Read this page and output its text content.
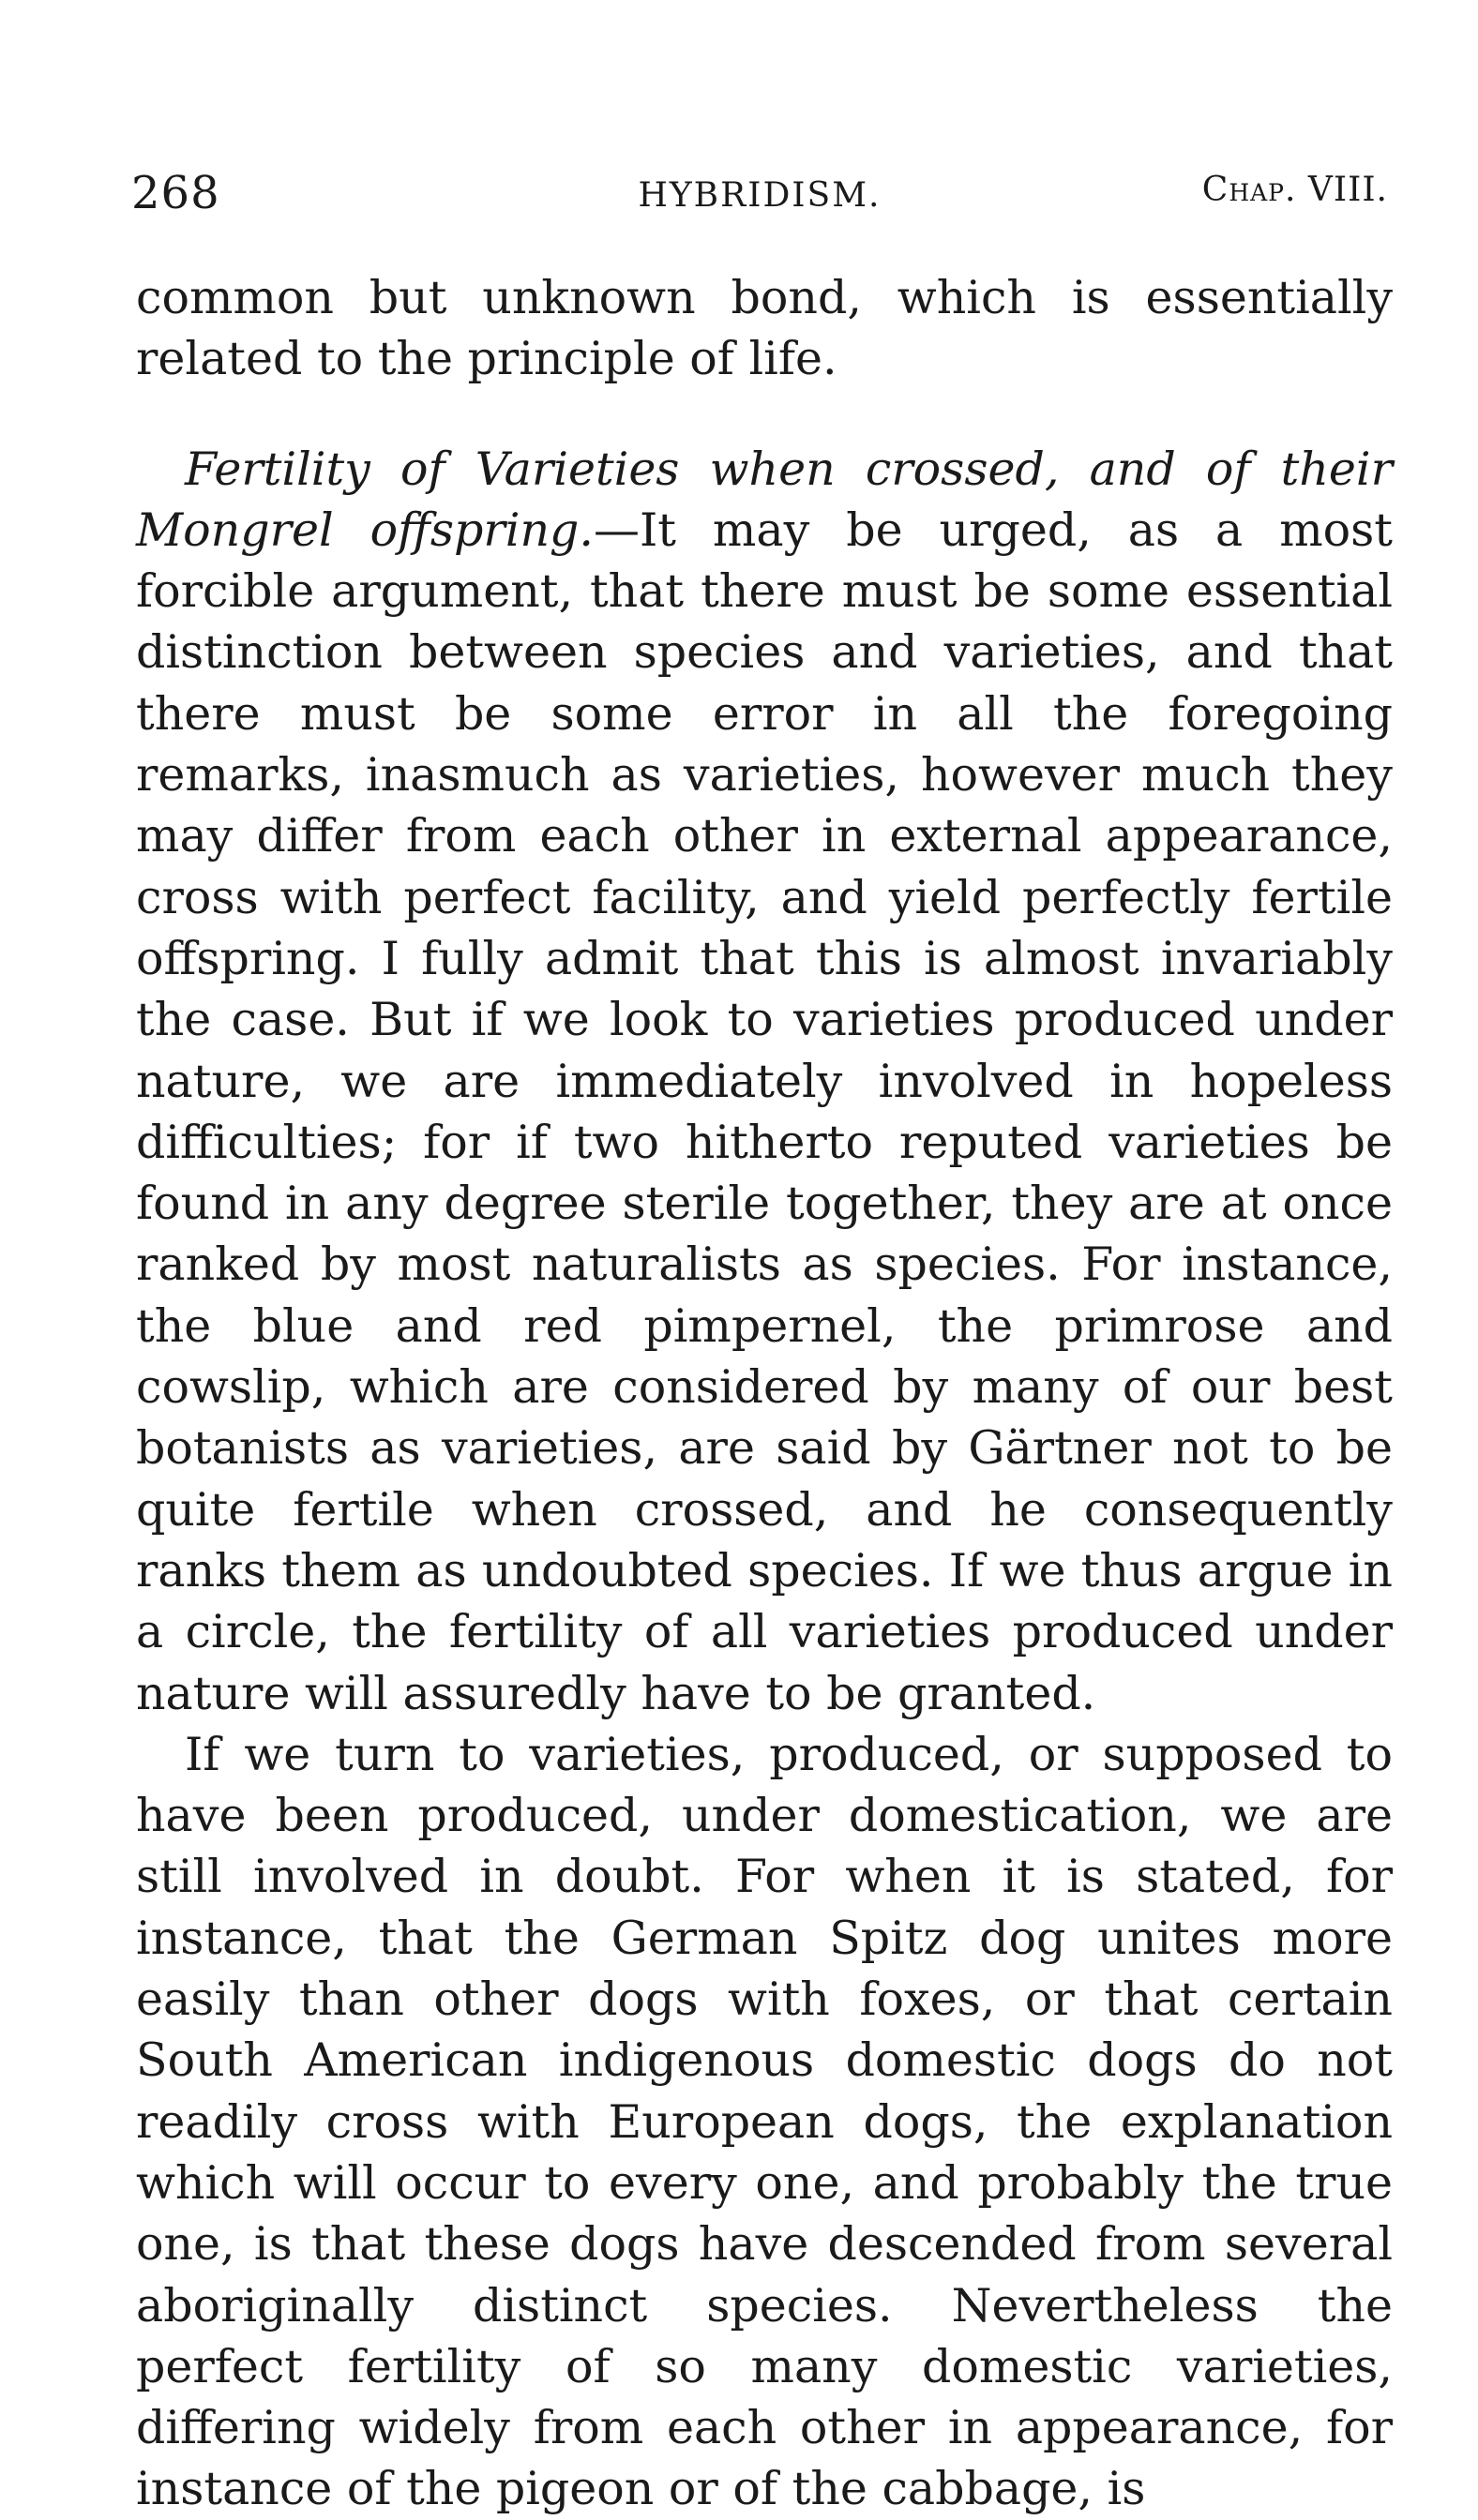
268	HYBRIDISM.	Chap. VIII.

common but unknown bond, which is essentially related to the principle of life.

Fertility of Varieties when crossed, and of their Mongrel offspring.—It may be urged, as a most forcible argument, that there must be some essential distinction between species and varieties, and that there must be some error in all the foregoing remarks, inasmuch as varieties, however much they may differ from each other in external appearance, cross with perfect facility, and yield perfectly fertile offspring. I fully admit that this is almost invariably the case. But if we look to varieties produced under nature, we are immediately involved in hopeless difficulties; for if two hitherto reputed varieties be found in any degree sterile together, they are at once ranked by most naturalists as species. For instance, the blue and red pimpernel, the primrose and cowslip, which are considered by many of our best botanists as varieties, are said by Gärtner not to be quite fertile when crossed, and he consequently ranks them as undoubted species. If we thus argue in a circle, the fertility of all varieties produced under nature will assuredly have to be granted.

If we turn to varieties, produced, or supposed to have been produced, under domestication, we are still involved in doubt. For when it is stated, for instance, that the German Spitz dog unites more easily than other dogs with foxes, or that certain South American indigenous domestic dogs do not readily cross with European dogs, the explanation which will occur to every one, and probably the true one, is that these dogs have descended from several aboriginally distinct species. Nevertheless the perfect fertility of so many domestic varieties, differing widely from each other in appearance, for instance of the pigeon or of the cabbage, is
